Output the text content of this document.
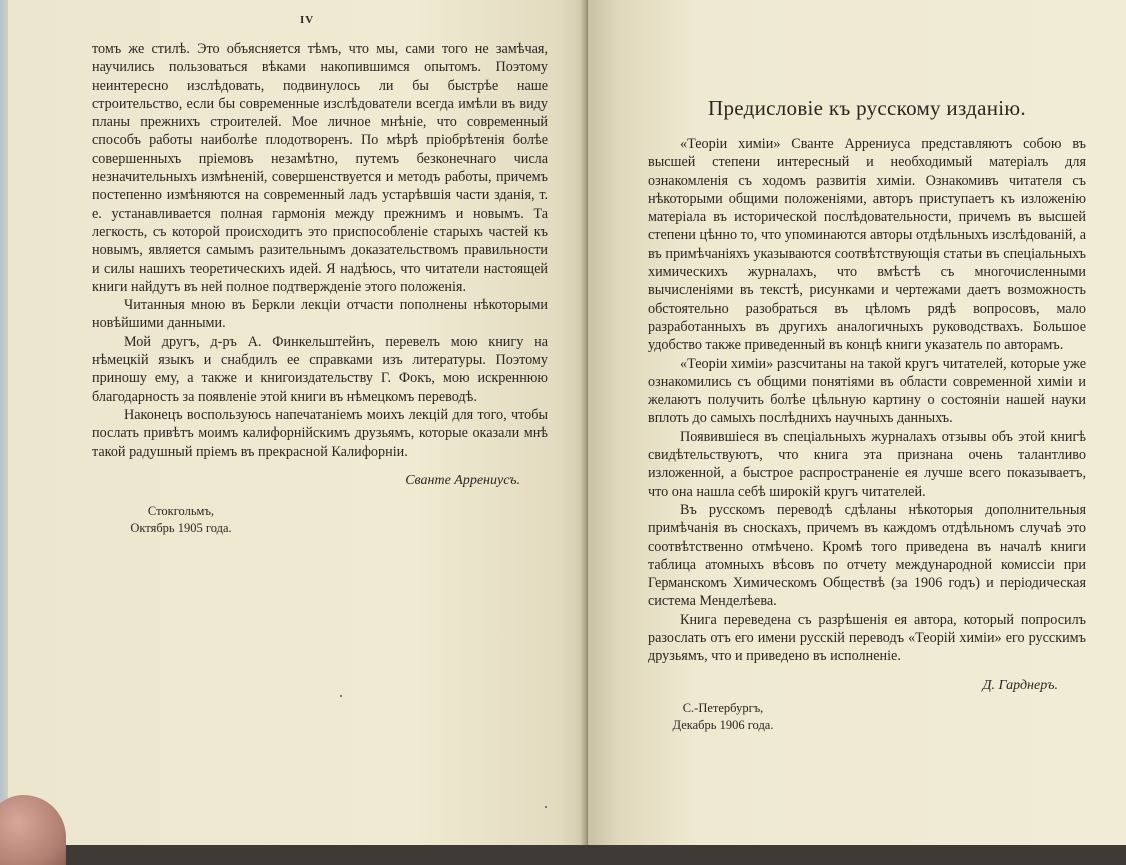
IV

томъ же стилѣ. Это объясняется тѣмъ, что мы, сами того не замѣчая, научились пользоваться вѣками накопившимся опытомъ. Поэтому неинтересно изслѣдовать, подвинулось ли бы быстрѣе наше строительство, если бы современные изслѣдователи всегда имѣли въ виду планы прежнихъ строителей. Мое личное мнѣніе, что современный способъ работы наиболѣе плодотворенъ. По мѣрѣ пріобрѣтенія болѣе совершенныхъ пріемовъ незамѣтно, путемъ безконечнаго числа незначительныхъ измѣненій, совершенствуется и методъ работы, причемъ постепенно измѣняются на современный ладъ устарѣвшія части зданія, т. е. устанавливается полная гармонія между прежнимъ и новымъ. Та легкость, съ которой происходитъ это приспособленіе старыхъ частей къ новымъ, является самымъ разительнымъ доказательствомъ правильности и силы нашихъ теоретическихъ идей. Я надѣюсь, что читатели настоящей книги найдутъ въ ней полное подтвержденіе этого положенія.

Читанныя мною въ Беркли лекціи отчасти пополнены нѣкоторыми новѣйшими данными.

Мой другъ, д-ръ А. Финкельштейнъ, перевелъ мою книгу на нѣмецкій языкъ и снабдилъ ее справками изъ литературы. Поэтому приношу ему, а также и книгоиздательству Г. Фокъ, мою искреннюю благодарность за появленіе этой книги въ нѣмецкомъ переводѣ.

Наконецъ воспользуюсь напечатаніемъ моихъ лекцій для того, чтобы послать привѣтъ моимъ калифорнійскимъ друзьямъ, которые оказали мнѣ такой радушный пріемъ въ прекрасной Калифорніи.

Сванте Аррениусъ.
Стокгольмъ,
Октябрь 1905 года.
Предисловіе къ русскому изданію.

«Теоріи химіи» Сванте Аррениуса представляютъ собою въ высшей степени интересный и необходимый матеріалъ для ознакомленія съ ходомъ развитія химіи. Ознакомивъ читателя съ нѣкоторыми общими положеніями, авторъ приступаетъ къ изложенію матеріала въ исторической послѣдовательности, причемъ въ высшей степени цѣнно то, что упоминаются авторы отдѣльныхъ изслѣдованій, а въ примѣчаніяхъ указываются соотвѣтствующія статьи въ спеціальныхъ химическихъ журналахъ, что вмѣстѣ съ многочисленными вычисленіями въ текстѣ, рисунками и чертежами даетъ возможность обстоятельно разобраться въ цѣломъ рядѣ вопросовъ, мало разработанныхъ въ другихъ аналогичныхъ руководствахъ. Большое удобство также приведенный въ концѣ книги указатель по авторамъ.

«Теоріи химіи» разсчитаны на такой кругъ читателей, которые уже ознакомились съ общими понятіями въ области современной химіи и желаютъ получить болѣе цѣльную картину о состояніи нашей науки вплоть до самыхъ послѣднихъ научныхъ данныхъ.

Появившіеся въ спеціальныхъ журналахъ отзывы объ этой книгѣ свидѣтельствуютъ, что книга эта признана очень талантливо изложенной, а быстрое распространеніе ея лучше всего показываетъ, что она нашла себѣ широкій кругъ читателей.

Въ русскомъ переводѣ сдѣланы нѣкоторыя дополнительныя примѣчанія въ сноскахъ, причемъ въ каждомъ отдѣльномъ случаѣ это соотвѣтственно отмѣчено. Кромѣ того приведена въ началѣ книги таблица атомныхъ вѣсовъ по отчету международной комиссіи при Германскомъ Химическомъ Обществѣ (за 1906 годъ) и періодическая система Менделѣева.

Книга переведена съ разрѣшенія ея автора, который попросилъ разослать отъ его имени русскій переводъ «Теорій химіи» его русскимъ друзьямъ, что и приведено въ исполненіе.

Д. Гарднеръ.
С.-Петербургъ,
Декабрь 1906 года.
